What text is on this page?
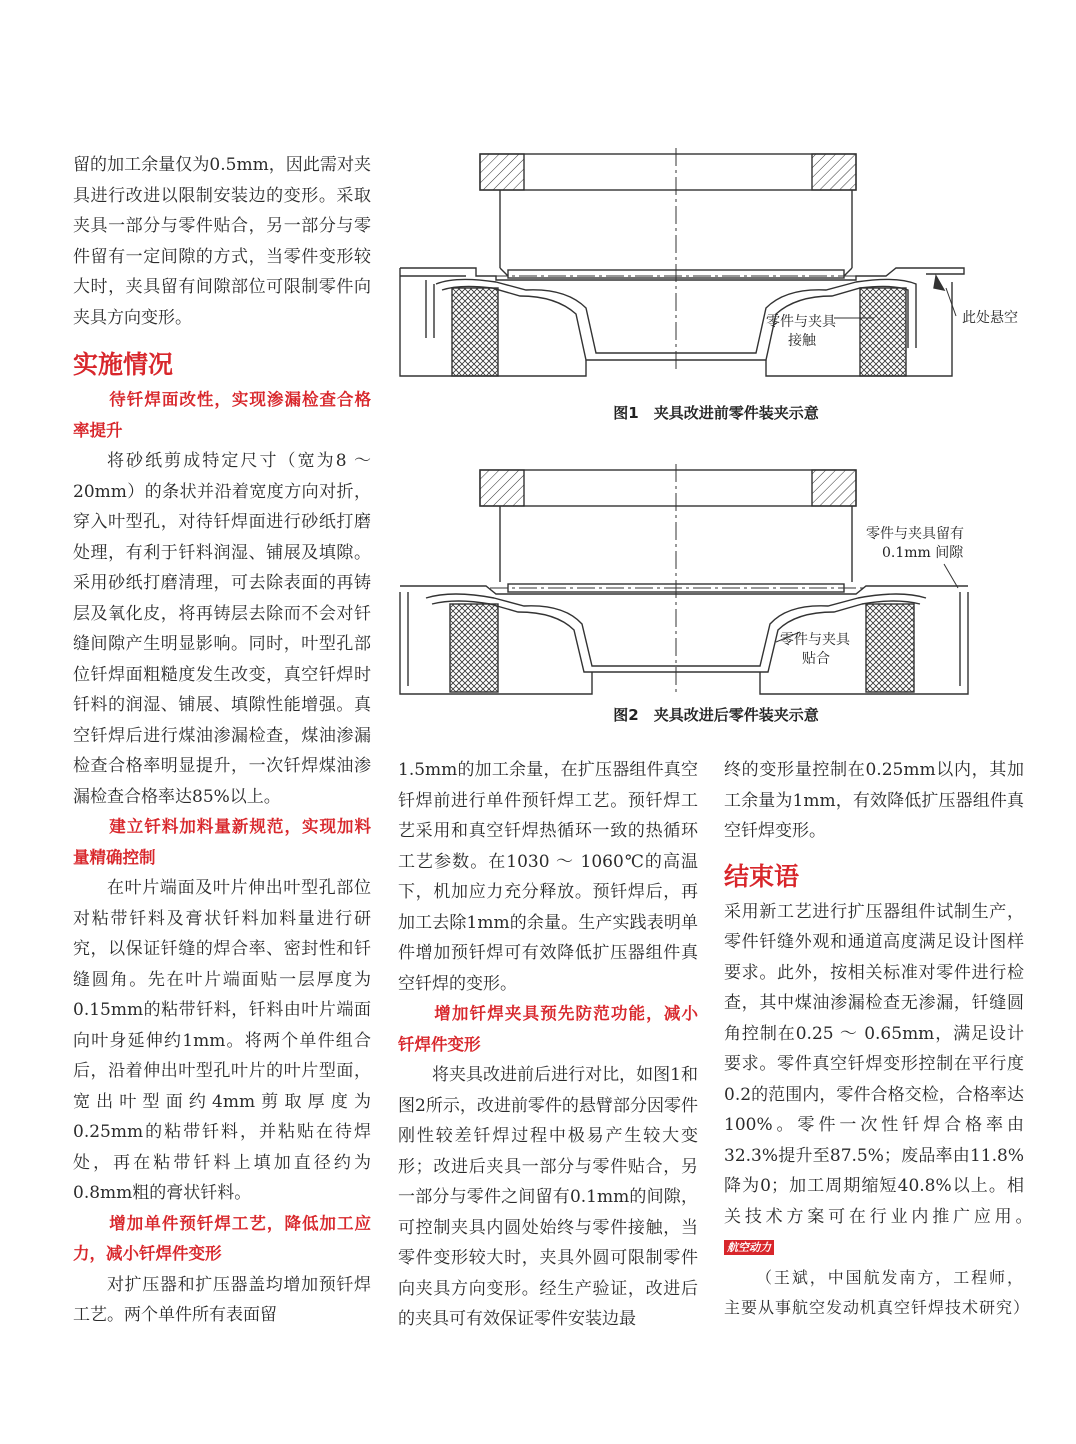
留的加工余量仅为0.5mm，因此需对夹具进行改进以限制安装边的变形。采取夹具一部分与零件贴合，另一部分与零件留有一定间隙的方式，当零件变形较大时，夹具留有间隙部位可限制零件向夹具方向变形。

实施情况

待钎焊面改性，实现渗漏检查合格率提升

将砂纸剪成特定尺寸（宽为8 ～ 20mm）的条状并沿着宽度方向对折，穿入叶型孔，对待钎焊面进行砂纸打磨处理，有利于钎料润湿、铺展及填隙。采用砂纸打磨清理，可去除表面的再铸层及氧化皮，将再铸层去除而不会对钎缝间隙产生明显影响。同时，叶型孔部位钎焊面粗糙度发生改变，真空钎焊时钎料的润湿、铺展、填隙性能增强。真空钎焊后进行煤油渗漏检查，煤油渗漏检查合格率明显提升，一次钎焊煤油渗漏检查合格率达85%以上。

建立钎料加料量新规范，实现加料量精确控制

在叶片端面及叶片伸出叶型孔部位对粘带钎料及膏状钎料加料量进行研究，以保证钎缝的焊合率、密封性和钎缝圆角。先在叶片端面贴一层厚度为0.15mm的粘带钎料，钎料由叶片端面向叶身延伸约1mm。将两个单件组合后，沿着伸出叶型孔叶片的叶片型面，宽出叶型面约4mm剪取厚度为0.25mm的粘带钎料，并粘贴在待焊处，再在粘带钎料上填加直径约为0.8mm粗的膏状钎料。

增加单件预钎焊工艺，降低加工应力，减小钎焊件变形

对扩压器和扩压器盖均增加预钎焊工艺。两个单件所有表面留

零件与夹具
接触
此处悬空
图1　夹具改进前零件装夹示意
零件与夹具留有
0.1mm 间隙
零件与夹具
贴合
图2　夹具改进后零件装夹示意

1.5mm的加工余量，在扩压器组件真空钎焊前进行单件预钎焊工艺。预钎焊工艺采用和真空钎焊热循环一致的热循环工艺参数。在1030 ～ 1060℃的高温下，机加应力充分释放。预钎焊后，再加工去除1mm的余量。生产实践表明单件增加预钎焊可有效降低扩压器组件真空钎焊的变形。

增加钎焊夹具预先防范功能，减小钎焊件变形

将夹具改进前后进行对比，如图1和图2所示，改进前零件的悬臂部分因零件刚性较差钎焊过程中极易产生较大变形；改进后夹具一部分与零件贴合，另一部分与零件之间留有0.1mm的间隙，可控制夹具内圆处始终与零件接触，当零件变形较大时，夹具外圆可限制零件向夹具方向变形。经生产验证，改进后的夹具可有效保证零件安装边最

终的变形量控制在0.25mm以内，其加工余量为1mm，有效降低扩压器组件真空钎焊变形。

结束语

采用新工艺进行扩压器组件试制生产，零件钎缝外观和通道高度满足设计图样要求。此外，按相关标准对零件进行检查，其中煤油渗漏检查无渗漏，钎缝圆角控制在0.25 ～ 0.65mm，满足设计要求。零件真空钎焊变形控制在平行度0.2的范围内，零件合格交检，合格率达100%。零件一次性钎焊合格率由32.3%提升至87.5%；废品率由11.8%降为0；加工周期缩短40.8%以上。相关技术方案可在行业内推广应用。　航空动力

（王斌，中国航发南方，工程师，主要从事航空发动机真空钎焊技术研究）
